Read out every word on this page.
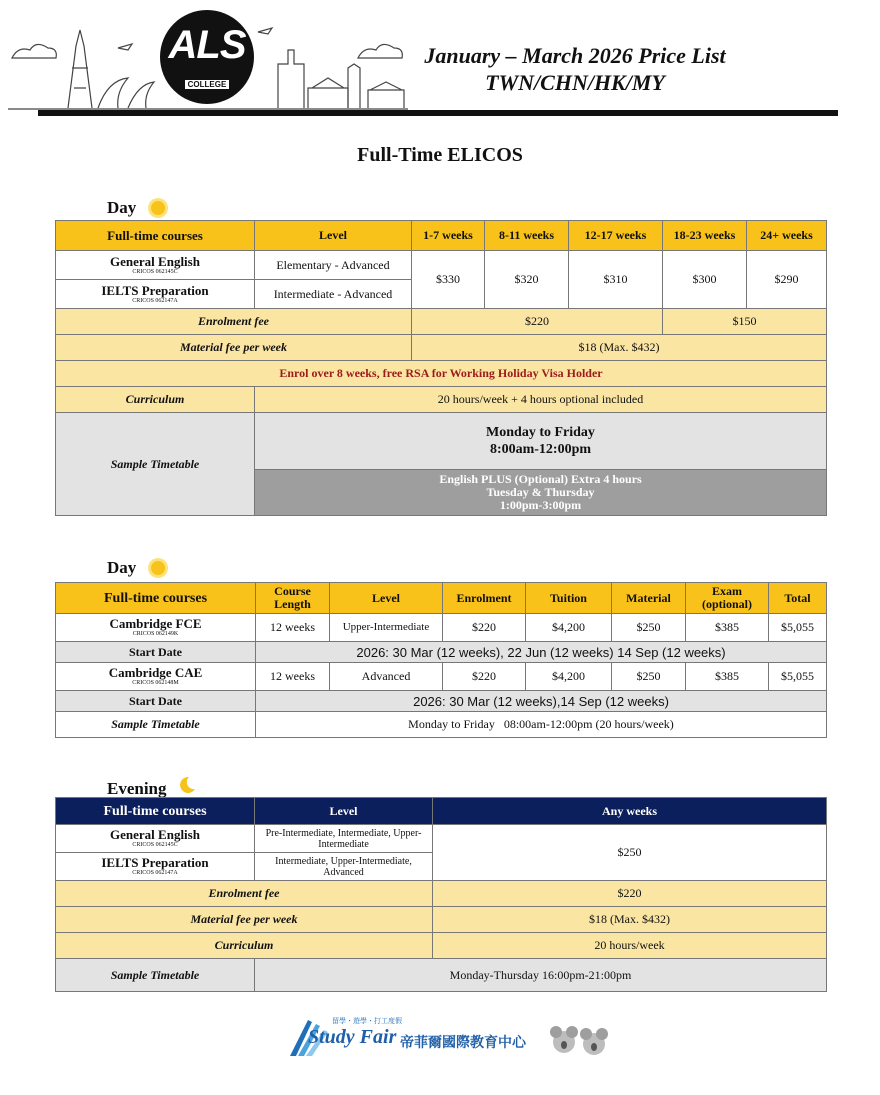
ALS
COLLEGE
January – March 2026 Price List
TWN/CHN/HK/MY
Full-Time ELICOS
Day
Full-time courses	Level	1-7 weeks	8-11 weeks	12-17 weeks	18-23 weeks	24+ weeks
General English
CRICOS 062145C	Elementary - Advanced	$330	$320	$310	$300	$290
IELTS Preparation
CRICOS 062147A	Intermediate - Advanced					
Enrolment fee		$220			$150	
Material fee per week		$18 (Max. $432)				
Enrol over 8 weeks, free RSA for Working Holiday Visa Holder						
Curriculum	20 hours/week + 4 hours optional included					
Sample Timetable	Monday to Friday
8:00am-12:00pm					

	English PLUS (Optional) Extra 4 hours
Tuesday & Thursday
1:00pm-3:00pm					
Day
Full-time courses	Course Length	Level	Enrolment	Tuition	Material	Exam (optional)	Total
Cambridge FCE
CRICOS 062149K	12 weeks	Upper-Intermediate	$220	$4,200	$250	$385	$5,055
Start Date	2026: 30 Mar (12 weeks), 22 Jun (12 weeks) 14 Sep (12 weeks)						
Cambridge CAE
CRICOS 062148M	12 weeks	Advanced	$220	$4,200	$250	$385	$5,055
Start Date	2026: 30 Mar (12 weeks),14 Sep (12 weeks)						
Sample Timetable	Monday to Friday   08:00am-12:00pm (20 hours/week)						
Evening
Full-time courses	Level	Any weeks
General English
CRICOS 062145C	Pre-Intermediate, Intermediate, Upper-Intermediate	$250
IELTS Preparation
CRICOS 062147A	Intermediate, Upper-Intermediate, Advanced	
Enrolment fee		$220
Material fee per week		$18 (Max. $432)
Curriculum		20 hours/week
Sample Timetable	Monday-Thursday 16:00pm-21:00pm	
留學・遊學・打工度假
Study Fair 帝菲爾國際教育中心
